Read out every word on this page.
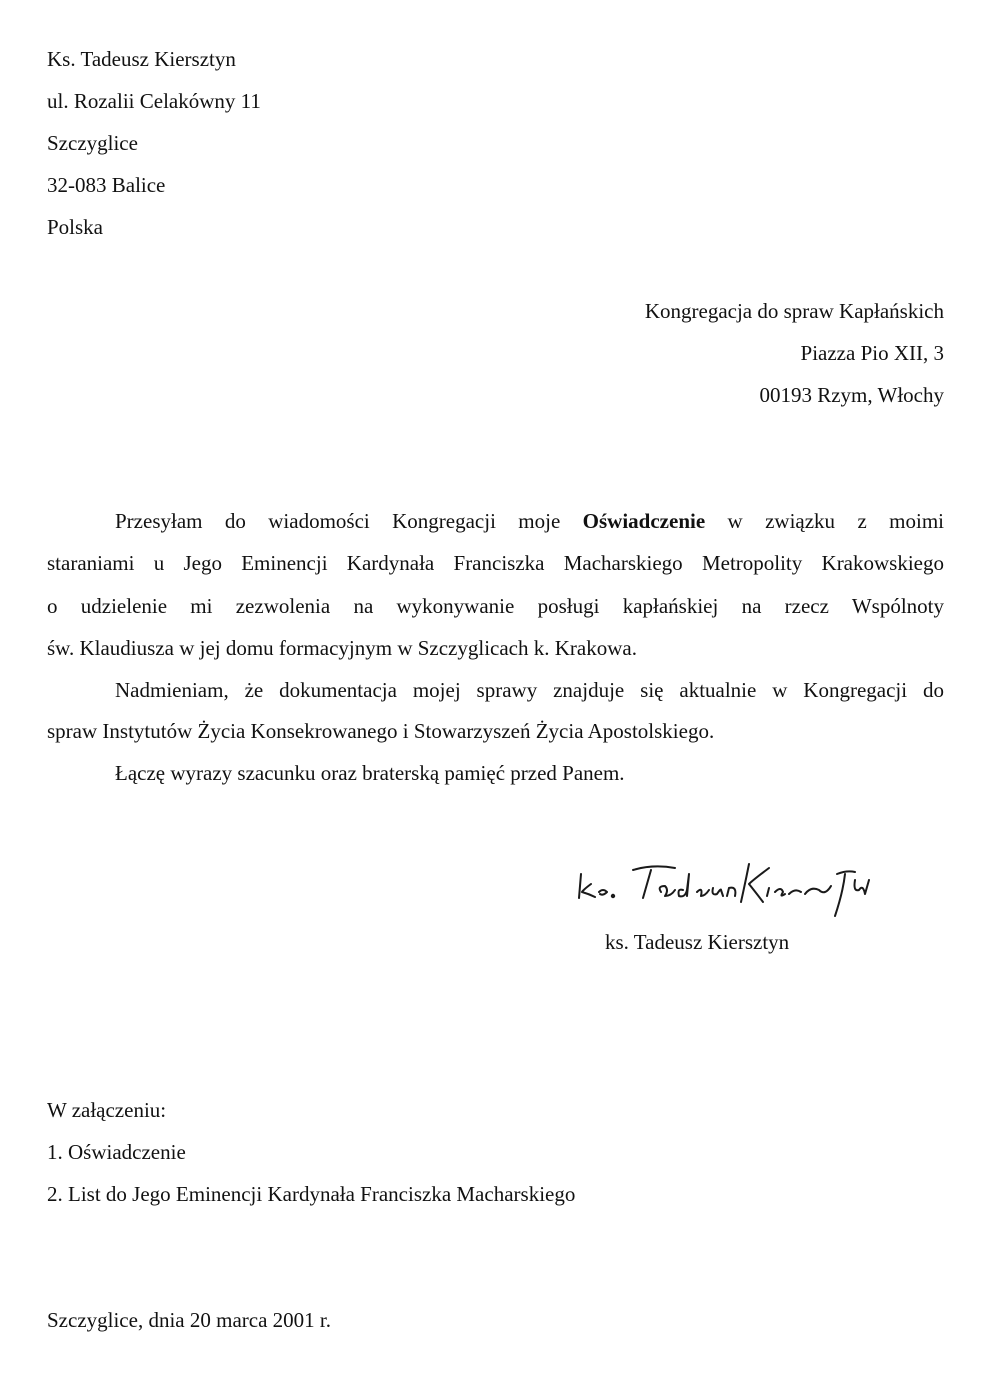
Ks. Tadeusz Kiersztyn
ul. Rozalii Celakówny 11
Szczyglice
32-083 Balice
Polska
Kongregacja do spraw Kapłańskich
Piazza Pio XII, 3
00193 Rzym, Włochy
Przesyłam do wiadomości Kongregacji moje Oświadczenie w związku z moimi
staraniami u Jego Eminencji Kardynała Franciszka Macharskiego Metropolity Krakowskiego
o udzielenie mi zezwolenia na wykonywanie posługi kapłańskiej na rzecz Wspólnoty
św. Klaudiusza w jej domu formacyjnym w Szczyglicach k. Krakowa.
Nadmieniam, że dokumentacja mojej sprawy znajduje się aktualnie w Kongregacji do
spraw Instytutów Życia Konsekrowanego i Stowarzyszeń Życia Apostolskiego.
Łączę wyrazy szacunku oraz braterską pamięć przed Panem.
ks. Tadeusz Kiersztyn
W załączeniu:
1. Oświadczenie
2. List do Jego Eminencji Kardynała Franciszka Macharskiego
Szczyglice, dnia 20 marca 2001 r.
